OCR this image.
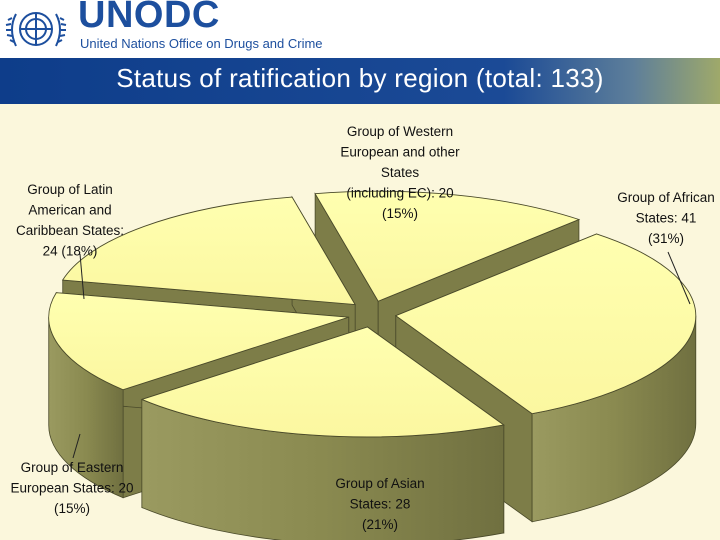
UNODC
United Nations Office on Drugs and Crime
Status of ratification by region (total: 133)
Group of African States: 41 (31%)
Group of Asian States: 28 (21%)
Group of Eastern European States: 20 (15%)
Group of Latin American and Caribbean States: 24 (18%)
Group of Western European and other States (including EC): 20 (15%)
